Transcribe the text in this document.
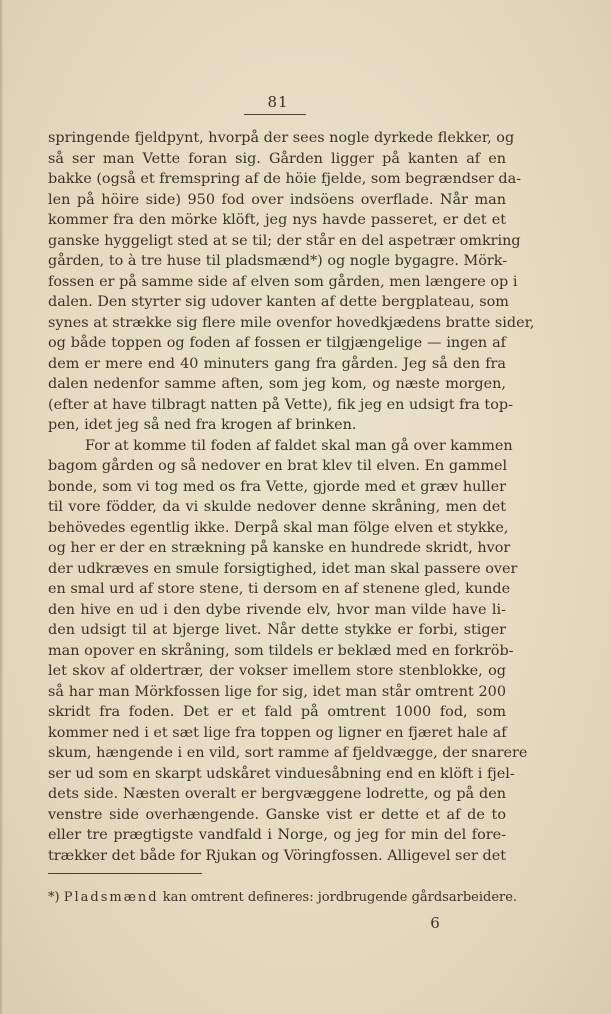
81
springende fjeldpynt, hvorpå der sees nogle dyrkede flekker, og
så ser man Vette foran sig. Gården ligger på kanten af en
bakke (også et fremspring af de höie fjelde, som begrændser da-
len på höire side) 950 fod over indsöens overflade. Når man
kommer fra den mörke klöft, jeg nys havde passeret, er det et
ganske hyggeligt sted at se til; der står en del aspetrær omkring
gården, to à tre huse til pladsmænd*) og nogle bygagre. Mörk-
fossen er på samme side af elven som gården, men længere op i
dalen. Den styrter sig udover kanten af dette bergplateau, som
synes at strække sig flere mile ovenfor hovedkjædens bratte sider,
og både toppen og foden af fossen er tilgjængelige — ingen af
dem er mere end 40 minuters gang fra gården. Jeg så den fra
dalen nedenfor samme aften, som jeg kom, og næste morgen,
(efter at have tilbragt natten på Vette), fik jeg en udsigt fra top-
pen, idet jeg så ned fra krogen af brinken.
For at komme til foden af faldet skal man gå over kammen
bagom gården og så nedover en brat klev til elven. En gammel
bonde, som vi tog med os fra Vette, gjorde med et græv huller
til vore födder, da vi skulde nedover denne skråning, men det
behövedes egentlig ikke. Derpå skal man fölge elven et stykke,
og her er der en strækning på kanske en hundrede skridt, hvor
der udkræves en smule forsigtighed, idet man skal passere over
en smal urd af store stene, ti dersom en af stenene gled, kunde
den hive en ud i den dybe rivende elv, hvor man vilde have li-
den udsigt til at bjerge livet. Når dette stykke er forbi, stiger
man opover en skråning, som tildels er beklæd med en forkröb-
let skov af oldertrær, der vokser imellem store stenblokke, og
så har man Mörkfossen lige for sig, idet man står omtrent 200
skridt fra foden. Det er et fald på omtrent 1000 fod, som
kommer ned i et sæt lige fra toppen og ligner en fjæret hale af
skum, hængende i en vild, sort ramme af fjeldvægge, der snarere
ser ud som en skarpt udskåret vinduesåbning end en klöft i fjel-
dets side. Næsten overalt er bergvæggene lodrette, og på den
venstre side overhængende. Ganske vist er dette et af de to
eller tre prægtigste vandfald i Norge, og jeg for min del fore-
trækker det både for Rjukan og Vöringfossen. Alligevel ser det
*) Pladsmænd kan omtrent defineres: jordbrugende gårdsarbeidere.
6
